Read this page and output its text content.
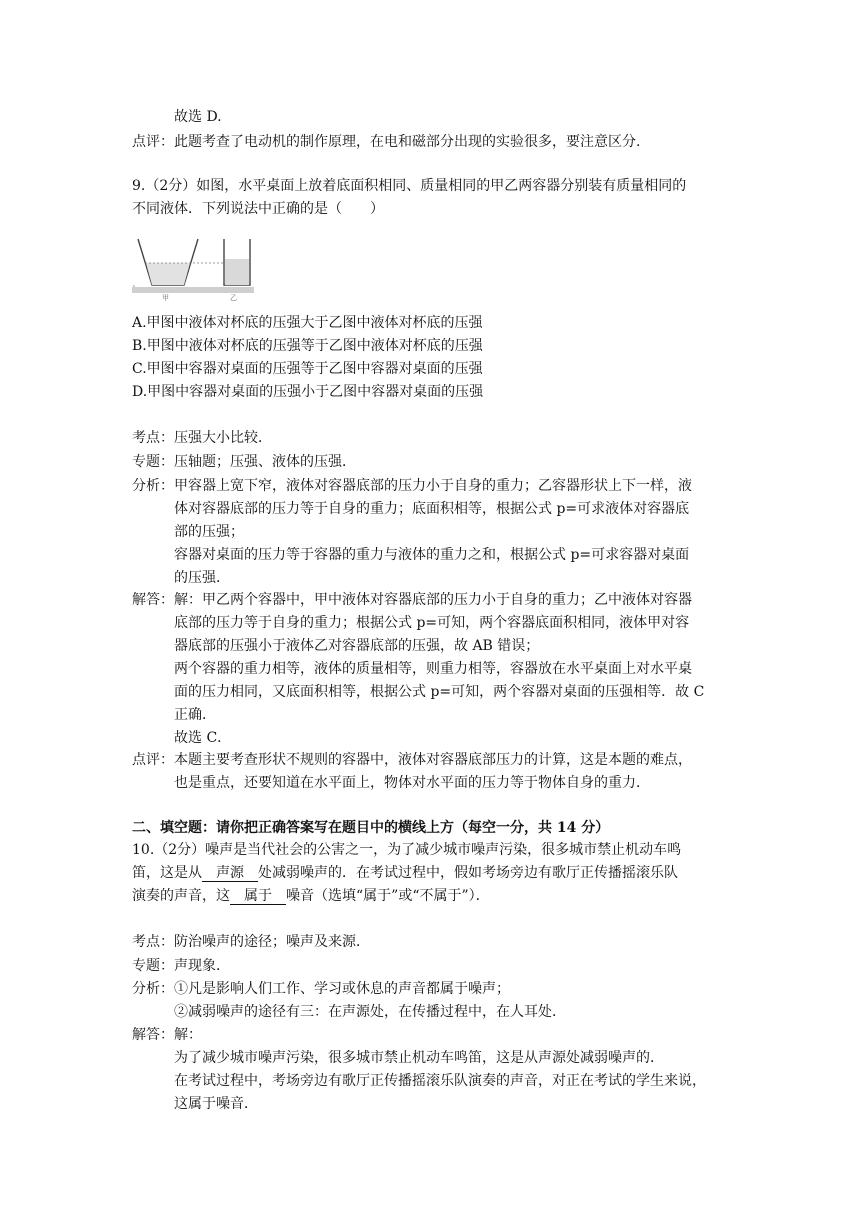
故选 D.
点评：此题考查了电动机的制作原理，在电和磁部分出现的实验很多，要注意区分.
9.（2分）如图，水平桌面上放着底面积相同、质量相同的甲乙两容器分别装有质量相同的
不同液体．下列说法中正确的是（　　）
甲	乙
A.甲图中液体对杯底的压强大于乙图中液体对杯底的压强
B.甲图中液体对杯底的压强等于乙图中液体对杯底的压强
C.甲图中容器对桌面的压强等于乙图中容器对桌面的压强
D.甲图中容器对桌面的压强小于乙图中容器对桌面的压强
考点：压强大小比较．
专题：压轴题；压强、液体的压强．
分析：甲容器上宽下窄，液体对容器底部的压力小于自身的重力；乙容器形状上下一样，液
体对容器底部的压力等于自身的重力；底面积相等，根据公式 p=可求液体对容器底
部的压强；
容器对桌面的压力等于容器的重力与液体的重力之和，根据公式 p=可求容器对桌面
的压强．
解答：解：甲乙两个容器中，甲中液体对容器底部的压力小于自身的重力；乙中液体对容器
底部的压力等于自身的重力；根据公式 p=可知，两个容器底面积相同，液体甲对容
器底部的压强小于液体乙对容器底部的压强，故 AB 错误；
两个容器的重力相等，液体的质量相等，则重力相等，容器放在水平桌面上对水平桌
面的压力相同，又底面积相等，根据公式 p=可知，两个容器对桌面的压强相等．故 C
正确．
故选 C．
点评：本题主要考查形状不规则的容器中，液体对容器底部压力的计算，这是本题的难点，
也是重点，还要知道在水平面上，物体对水平面的压力等于物体自身的重力．
二、填空题：请你把正确答案写在题目中的横线上方（每空一分，共 14 分）
10.（2分）噪声是当代社会的公害之一，为了减少城市噪声污染，很多城市禁止机动车鸣
笛，这是从 声源 处减弱噪声的．在考试过程中，假如考场旁边有歌厅正传播摇滚乐队
演奏的声音，这 属于 噪音（选填“属于”或“不属于”）．
考点：防治噪声的途径；噪声及来源．
专题：声现象．
分析：①凡是影响人们工作、学习或休息的声音都属于噪声；
②减弱噪声的途径有三：在声源处，在传播过程中，在人耳处．
解答：解：
为了减少城市噪声污染，很多城市禁止机动车鸣笛，这是从声源处减弱噪声的．
在考试过程中，考场旁边有歌厅正传播摇滚乐队演奏的声音，对正在考试的学生来说，
这属于噪音．
